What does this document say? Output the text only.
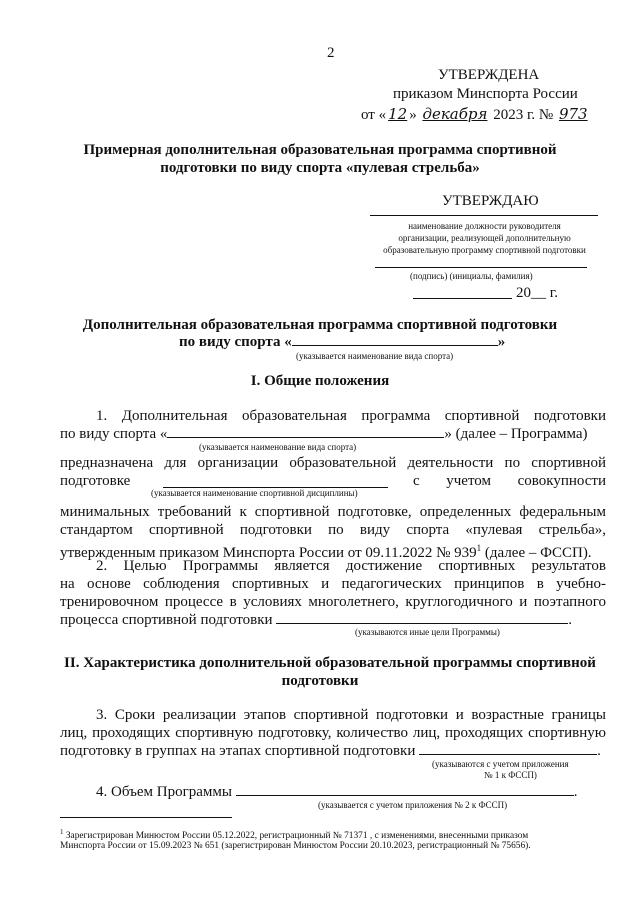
2
УТВЕРЖДЕНА
приказом Минспорта России
от « 12 » декабря 2023 г. № 973
Примерная дополнительная образовательная программа спортивной
подготовки по виду спорта «пулевая стрельба»
УТВЕРЖДАЮ
наименование должности руководителя
организации, реализующей дополнительную
образовательную программу спортивной подготовки
(подпись) (инициалы, фамилия)
20__ г.
Дополнительная образовательная программа спортивной подготовки
по виду спорта «	»
(указывается наименование вида спорта)
I. Общие положения
1. Дополнительная образовательная программа спортивной подготовки
по виду спорта «	» (далее – Программа)
(указывается наименование вида спорта)
предназначена для организации образовательной деятельности по спортивной
подготовке	с учетом совокупности
(указывается наименование спортивной дисциплины)
минимальных требований к спортивной подготовке, определенных федеральным
стандартом спортивной подготовки по виду спорта «пулевая стрельба»,
утвержденным приказом Минспорта России от 09.11.2022 № $939^1$ (далее – ФССП).
2. Целью Программы является достижение спортивных результатов
на основе соблюдения спортивных и педагогических принципов в учебно-
тренировочном процессе в условиях многолетнего, круглогодичного и поэтапного
процесса спортивной подготовки	.
(указываются иные цели Программы)
II. Характеристика дополнительной образовательной программы спортивной
подготовки
3. Сроки реализации этапов спортивной подготовки и возрастные границы
лиц, проходящих спортивную подготовку, количество лиц, проходящих спортивную
подготовку в группах на этапах спортивной подготовки	.
(указываются с учетом приложения
№ 1 к ФССП)
4. Объем Программы	.
(указывается с учетом приложения № 2 к ФССП)
$^1$ Зарегистрирован Минюстом России 05.12.2022, регистрационный № 71371 , с изменениями, внесенными приказом
Минспорта России от 15.09.2023 № 651 (зарегистрирован Минюстом России 20.10.2023, регистрационный № 75656).
